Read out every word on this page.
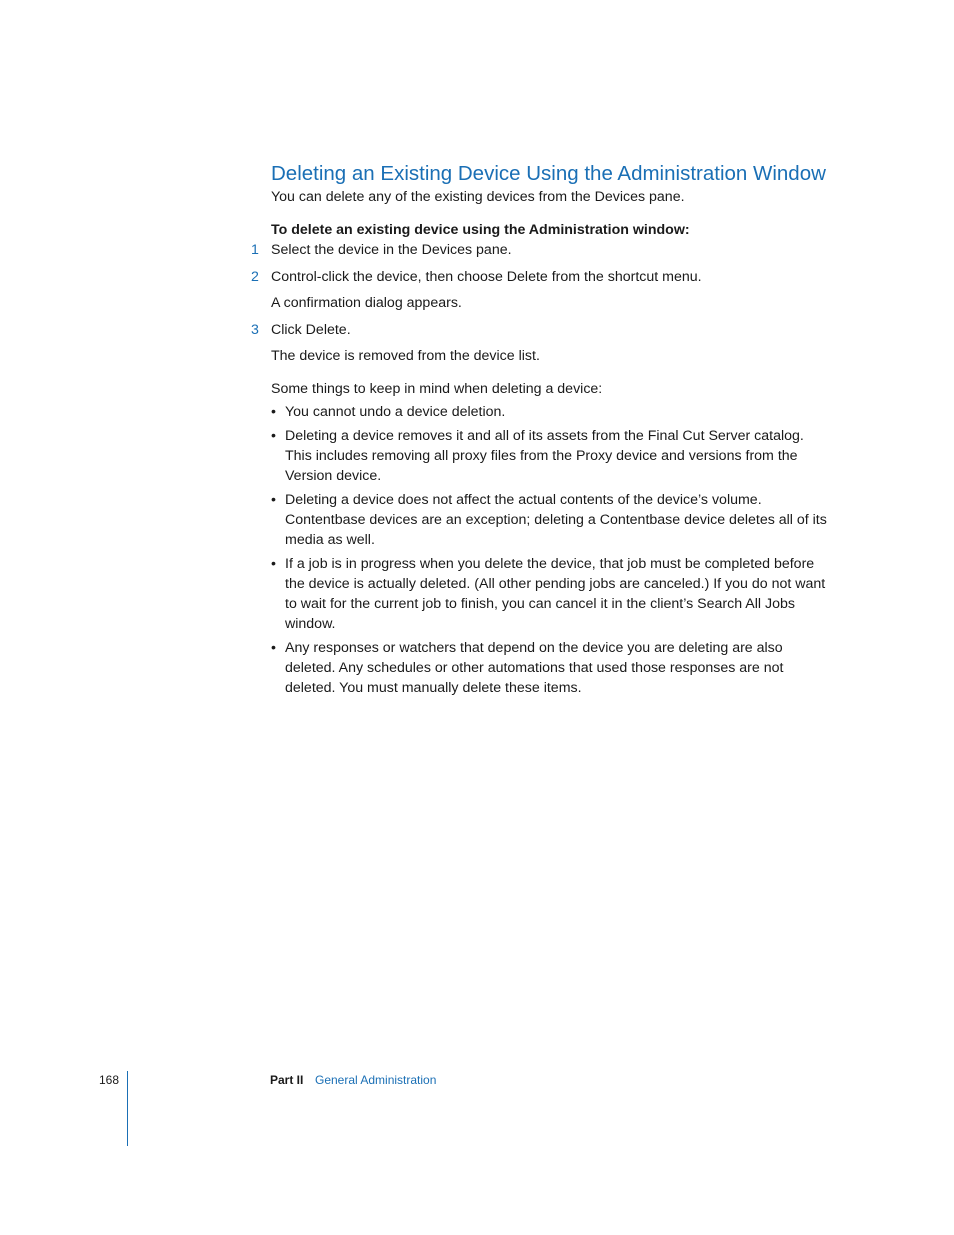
Deleting an Existing Device Using the Administration Window

You can delete any of the existing devices from the Devices pane.

To delete an existing device using the Administration window:

1 Select the device in the Devices pane.

2 Control-click the device, then choose Delete from the shortcut menu.

A confirmation dialog appears.

3 Click Delete.

The device is removed from the device list.

Some things to keep in mind when deleting a device:

• You cannot undo a device deletion.

• Deleting a device removes it and all of its assets from the Final Cut Server catalog. This includes removing all proxy files from the Proxy device and versions from the Version device.

• Deleting a device does not affect the actual contents of the device’s volume. Contentbase devices are an exception; deleting a Contentbase device deletes all of its media as well.

• If a job is in progress when you delete the device, that job must be completed before the device is actually deleted. (All other pending jobs are canceled.) If you do not want to wait for the current job to finish, you can cancel it in the client’s Search All Jobs window.

• Any responses or watchers that depend on the device you are deleting are also deleted. Any schedules or other automations that used those responses are not deleted. You must manually delete these items.

168	Part II General Administration
